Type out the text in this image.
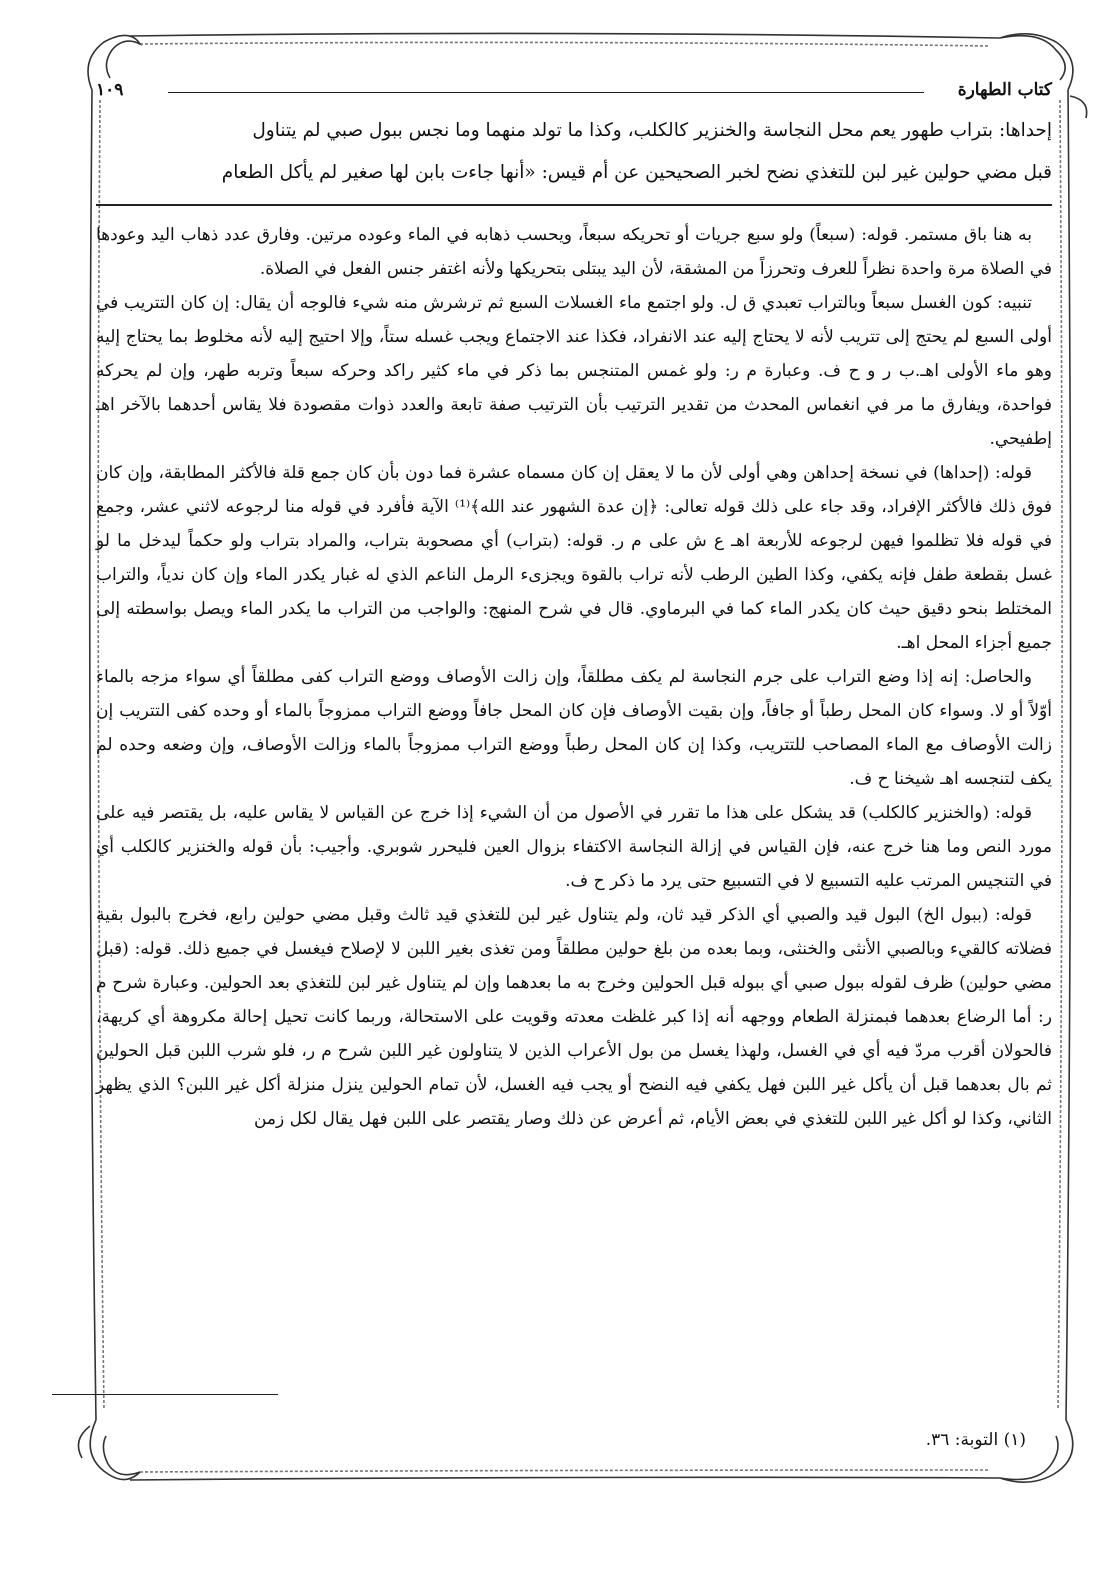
كتاب الطهارة
١٠٩

إحداها: بتراب طهور يعم محل النجاسة والخنزير كالكلب، وكذا ما تولد منهما وما نجس ببول صبي لم يتناول

قبل مضي حولين غير لبن للتغذي نضح لخبر الصحيحين عن أم قيس: «أنها جاءت بابن لها صغير لم يأكل الطعام

به هنا باق مستمر. قوله: (سبعاً) ولو سبع جريات أو تحريكه سبعاً، ويحسب ذهابه في الماء وعوده مرتين. وفارق عدد ذهاب اليد وعودها في الصلاة مرة واحدة نظراً للعرف وتحرزاً من المشقة، لأن اليد يبتلى بتحريكها ولأنه اغتفر جنس الفعل في الصلاة.

تنبيه: كون الغسل سبعاً وبالتراب تعبدي ق ل. ولو اجتمع ماء الغسلات السبع ثم ترشرش منه شيء فالوجه أن يقال: إن كان التتريب في أولى السبع لم يحتج إلى تتريب لأنه لا يحتاج إليه عند الانفراد، فكذا عند الاجتماع ويجب غسله ستاً، وإلا احتيج إليه لأنه مخلوط بما يحتاج إليه وهو ماء الأولى اهـ.ب ر و ح ف. وعبارة م ر: ولو غمس المتنجس بما ذكر في ماء كثير راكد وحركه سبعاً وتربه طهر، وإن لم يحركه فواحدة، ويفارق ما مر في انغماس المحدث من تقدير الترتيب بأن الترتيب صفة تابعة والعدد ذوات مقصودة فلا يقاس أحدهما بالآخر اهـ إطفيحي.

قوله: (إحداها) في نسخة إحداهن وهي أولى لأن ما لا يعقل إن كان مسماه عشرة فما دون بأن كان جمع قلة فالأكثر المطابقة، وإن كان فوق ذلك فالأكثر الإفراد، وقد جاء على ذلك قوله تعالى: ﴿إن عدة الشهور عند الله﴾⁽¹⁾ الآية فأفرد في قوله منا لرجوعه لاثني عشر، وجمع في قوله فلا تظلموا فيهن لرجوعه للأربعة اهـ ع ش على م ر. قوله: (بتراب) أي مصحوبة بتراب، والمراد بتراب ولو حكماً ليدخل ما لو غسل بقطعة طفل فإنه يكفي، وكذا الطين الرطب لأنه تراب بالقوة ويجزىء الرمل الناعم الذي له غبار يكدر الماء وإن كان ندياً، والتراب المختلط بنحو دقيق حيث كان يكدر الماء كما في البرماوي. قال في شرح المنهج: والواجب من التراب ما يكدر الماء ويصل بواسطته إلى جميع أجزاء المحل اهـ.

والحاصل: إنه إذا وضع التراب على جرم النجاسة لم يكف مطلقاً، وإن زالت الأوصاف ووضع التراب كفى مطلقاً أي سواء مزجه بالماء أوّلاً أو لا. وسواء كان المحل رطباً أو جافاً، وإن بقيت الأوصاف فإن كان المحل جافاً ووضع التراب ممزوجاً بالماء أو وحده كفى التتريب إن زالت الأوصاف مع الماء المصاحب للتتريب، وكذا إن كان المحل رطباً ووضع التراب ممزوجاً بالماء وزالت الأوصاف، وإن وضعه وحده لم يكف لتنجسه اهـ شيخنا ح ف.

قوله: (والخنزير كالكلب) قد يشكل على هذا ما تقرر في الأصول من أن الشيء إذا خرج عن القياس لا يقاس عليه، بل يقتصر فيه على مورد النص وما هنا خرج عنه، فإن القياس في إزالة النجاسة الاكتفاء بزوال العين فليحرر شوبري. وأجيب: بأن قوله والخنزير كالكلب أي في التنجيس المرتب عليه التسبيع لا في التسبيع حتى يرد ما ذكر ح ف.

قوله: (ببول الخ) البول قيد والصبي أي الذكر قيد ثان، ولم يتناول غير لبن للتغذي قيد ثالث وقبل مضي حولين رابع، فخرج بالبول بقية فضلاته كالقيء وبالصبي الأنثى والخنثى، وبما بعده من بلغ حولين مطلقاً ومن تغذى بغير اللبن لا لإصلاح فيغسل في جميع ذلك. قوله: (قبل مضي حولين) ظرف لقوله ببول صبي أي ببوله قبل الحولين وخرج به ما بعدهما وإن لم يتناول غير لبن للتغذي بعد الحولين. وعبارة شرح م ر: أما الرضاع بعدهما فبمنزلة الطعام ووجهه أنه إذا كبر غلظت معدته وقويت على الاستحالة، وربما كانت تحيل إحالة مكروهة أي كريهة، فالحولان أقرب مردّ فيه أي في الغسل، ولهذا يغسل من بول الأعراب الذين لا يتناولون غير اللبن شرح م ر، فلو شرب اللبن قبل الحولين ثم بال بعدهما قبل أن يأكل غير اللبن فهل يكفي فيه النضح أو يجب فيه الغسل، لأن تمام الحولين ينزل منزلة أكل غير اللبن؟ الذي يظهر الثاني، وكذا لو أكل غير اللبن للتغذي في بعض الأيام، ثم أعرض عن ذلك وصار يقتصر على اللبن فهل يقال لكل زمن

(١) التوبة: ٣٦.
